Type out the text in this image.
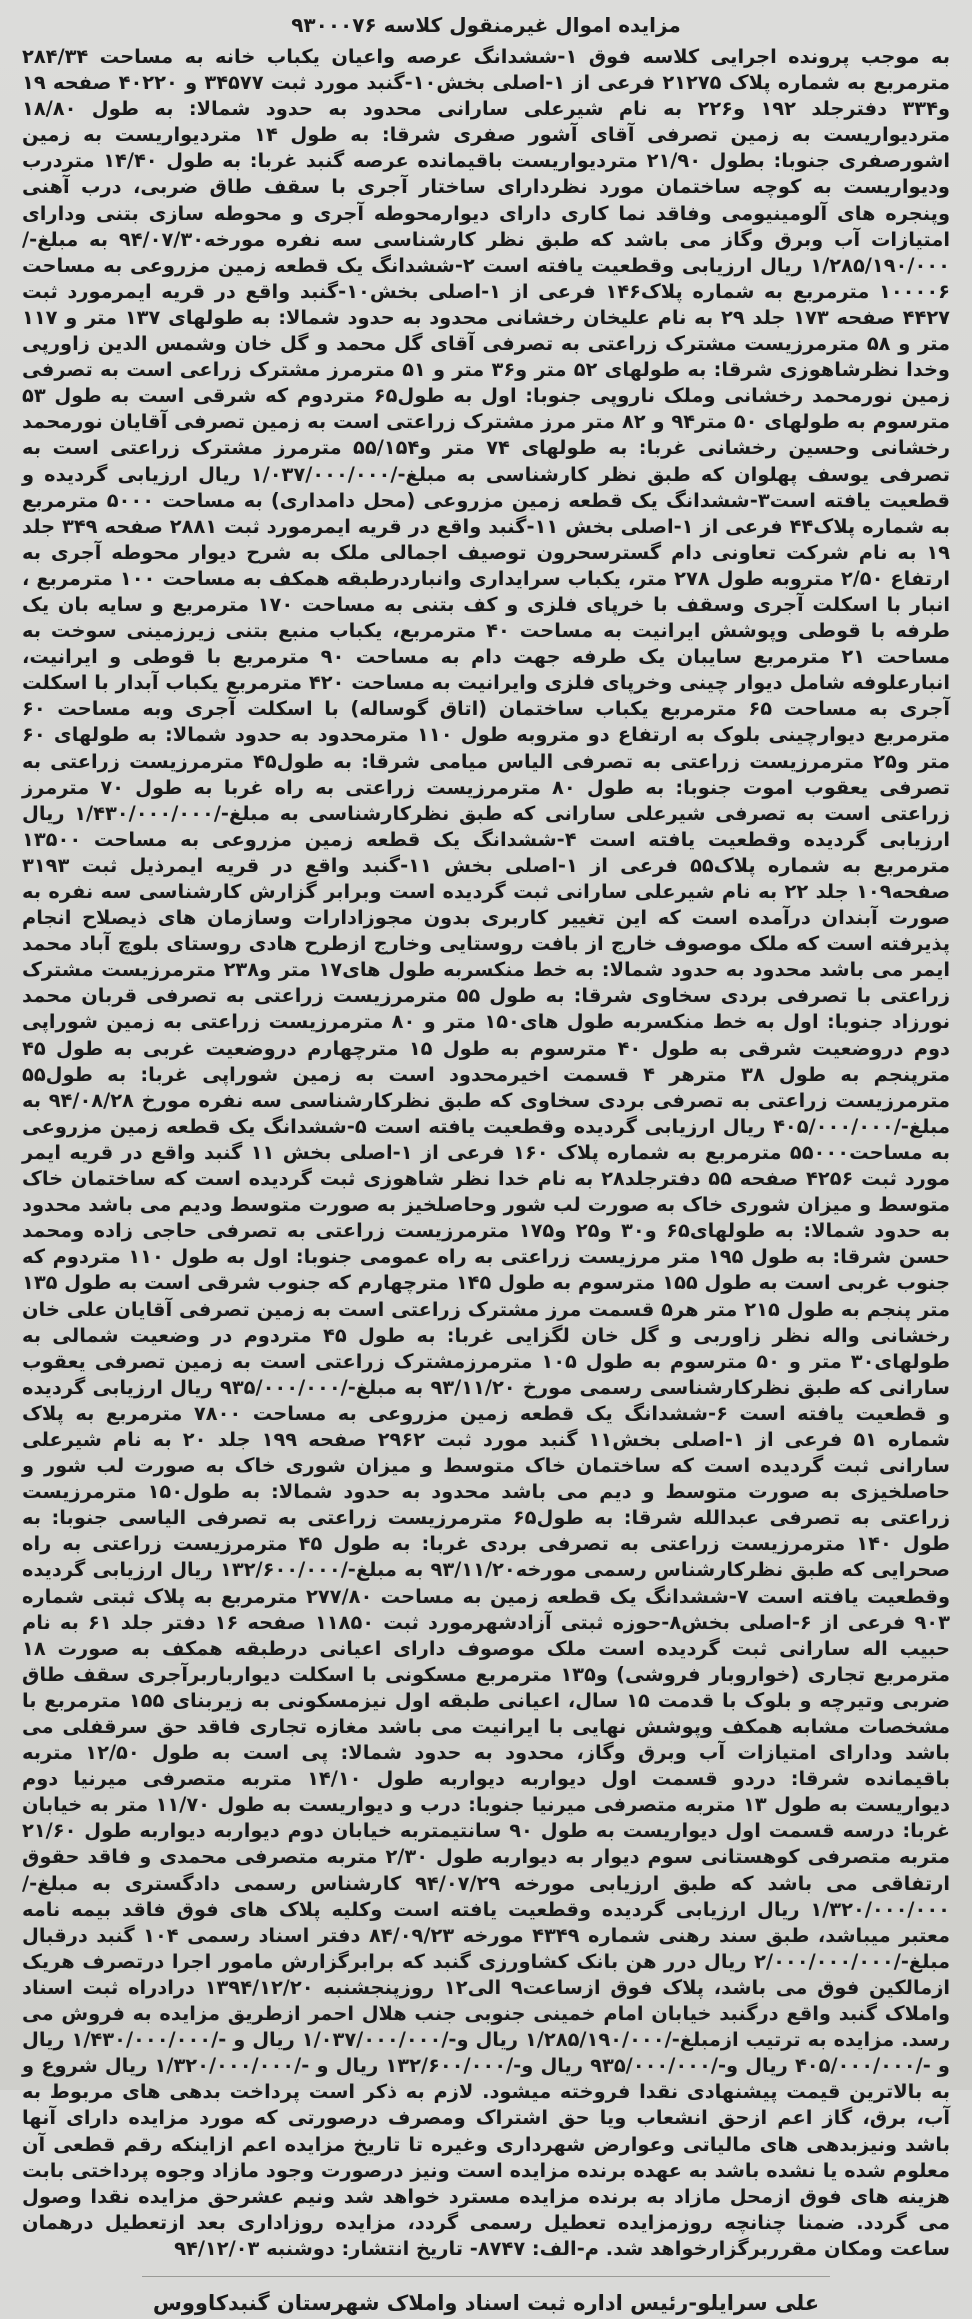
مزایده اموال غیرمنقول کلاسه ۹۳۰۰۰۷۶

به موجب پرونده اجرایی کلاسه فوق ۱-ششدانگ عرصه واعیان یکباب خانه به مساحت ۲۸۴/۳۴ مترمربع به شماره پلاک ۲۱۲۷۵ فرعی از ۱-اصلی بخش۱۰-گنبد مورد ثبت ۳۴۵۷۷ و ۴۰۲۲۰ صفحه ۱۹ و۳۳۴ دفترجلد ۱۹۲ و۲۲۶ به نام شیرعلی سارانی محدود به حدود شمالا: به طول ۱۸/۸۰ متردیواریست به زمین تصرفی آقای آشور صفری شرقا: به طول ۱۴ متردیواریست به زمین اشورصفری جنوبا: بطول ۲۱/۹۰ متردیواریست باقیمانده عرصه گنبد غربا: به طول ۱۴/۴۰ متردرب ودیواریست به کوچه ساختمان مورد نظردارای ساختار آجری با سقف طاق ضربی، درب آهنی وپنجره های آلومینیومی وفاقد نما کاری دارای دیوارمحوطه آجری و محوطه سازی بتنی ودارای امتیازات آب وبرق وگاز می باشد که طبق نظر کارشناسی سه نفره مورخه۹۴/۰۷/۳۰ به مبلغ-/۱/۲۸۵/۱۹۰/۰۰۰ ریال ارزیابی وقطعیت یافته است ۲-ششدانگ یک قطعه زمین مزروعی به مساحت ۱۰۰۰۰۶ مترمربع به شماره پلاک۱۴۶ فرعی از ۱-اصلی بخش۱۰-گنبد واقع در قریه ایمرمورد ثبت ۴۴۲۷ صفحه ۱۷۳ جلد ۲۹ به نام علیخان رخشانی محدود به حدود شمالا: به طولهای ۱۳۷ متر و ۱۱۷ متر و ۵۸ مترمرزیست مشترک زراعتی به تصرفی آقای گل محمد و گل خان وشمس الدین زاورپی وخدا نظرشاهوزی شرقا: به طولهای ۵۲ متر و۳۶ متر و ۵۱ مترمرز مشترک زراعی است به تصرفی زمین نورمحمد رخشانی وملک ناروپی جنوبا: اول به طول۶۵ متردوم که شرقی است به طول ۵۳ مترسوم به طولهای ۵۰ متر۹۴ و ۸۲ متر مرز مشترک زراعتی است به زمین تصرفی آقایان نورمحمد رخشانی وحسین رخشانی غربا: به طولهای ۷۴ متر و۵۵/۱۵۴ مترمرز مشترک زراعتی است به تصرفی یوسف پهلوان که طبق نظر کارشناسی به مبلغ-/۱/۰۳۷/۰۰۰/۰۰۰ ریال ارزیابی گردیده و قطعیت یافته است۳-ششدانگ یک قطعه زمین مزروعی (محل دامداری) به مساحت ۵۰۰۰ مترمربع به شماره پلاک۴۴ فرعی از ۱-اصلی بخش ۱۱-گنبد واقع در قریه ایمرمورد ثبت ۲۸۸۱ صفحه ۳۴۹ جلد ۱۹ به نام شرکت تعاونی دام گسترسحرون توصیف اجمالی ملک به شرح دیوار محوطه آجری به ارتفاع ۲/۵۰ متروبه طول ۲۷۸ متر، یکباب سرایداری وانباردرطبقه همکف به مساحت ۱۰۰ مترمربع ، انبار با اسکلت آجری وسقف با خرپای فلزی و کف بتنی به مساحت ۱۷۰ مترمربع و سایه بان یک طرفه با قوطی وپوشش ایرانیت به مساحت ۴۰ مترمربع، یکباب منبع بتنی زیرزمینی سوخت به مساحت ۲۱ مترمربع سایبان یک طرفه جهت دام به مساحت ۹۰ مترمربع با قوطی و ایرانیت، انبارعلوفه شامل دیوار چینی وخرپای فلزی وایرانیت به مساحت ۴۲۰ مترمربع یکباب آبدار با اسکلت آجری به مساحت ۶۵ مترمربع یکباب ساختمان (اتاق گوساله) با اسکلت آجری وبه مساحت ۶۰ مترمربع دیوارچینی بلوک به ارتفاع دو متروبه طول ۱۱۰ مترمحدود به حدود شمالا: به طولهای ۶۰ متر و۲۵ مترمرزیست زراعتی به تصرفی الیاس میامی شرقا: به طول۴۵ مترمرزیست زراعتی به تصرفی یعقوب اموت جنوبا: به طول ۸۰ مترمرزیست زراعتی به راه غربا به طول ۷۰ مترمرز زراعتی است به تصرفی شیرعلی سارانی که طبق نظرکارشناسی به مبلغ-/۱/۴۳۰/۰۰۰/۰۰۰ ریال ارزیابی گردیده وقطعیت یافته است ۴-ششدانگ یک قطعه زمین مزروعی به مساحت ۱۳۵۰۰ مترمربع به شماره پلاک۵۵ فرعی از ۱-اصلی بخش ۱۱-گنبد واقع در قریه ایمرذیل ثبت ۳۱۹۳ صفحه۱۰۹ جلد ۲۲ به نام شیرعلی سارانی ثبت گردیده است وبرابر گزارش کارشناسی سه نفره به صورت آبندان درآمده است که این تغییر کاربری بدون مجوزادارات وسازمان های ذیصلاح انجام پذیرفته است که ملک موصوف خارج از بافت روستایی وخارج ازطرح هادی روستای بلوچ آباد محمد ایمر می باشد محدود به حدود شمالا: به خط منکسربه طول های۱۷ متر و۲۳۸ مترمرزیست مشترک زراعتی با تصرفی بردی سخاوی شرقا: به طول ۵۵ مترمرزیست زراعتی به تصرفی قربان محمد نورزاد جنوبا: اول به خط منکسربه طول های۱۵۰ متر و ۸۰ مترمرزیست زراعتی به زمین شوراپی دوم دروضعیت شرقی به طول ۴۰ مترسوم به طول ۱۵ مترچهارم دروضعیت غربی به طول ۴۵ مترپنجم به طول ۳۸ مترهر ۴ قسمت اخیرمحدود است به زمین شوراپی غربا: به طول۵۵ مترمرزیست زراعتی به تصرفی بردی سخاوی که طبق نظرکارشناسی سه نفره مورخ ۹۴/۰۸/۲۸ به مبلغ-/۴۰۵/۰۰۰/۰۰۰ ریال ارزیابی گردیده وقطعیت یافته است ۵-ششدانگ یک قطعه زمین مزروعی به مساحت۵۵۰۰۰ مترمربع به شماره پلاک ۱۶۰ فرعی از ۱-اصلی بخش ۱۱ گنبد واقع در قریه ایمر مورد ثبت ۴۲۵۶ صفحه ۵۵ دفترجلد۲۸ به نام خدا نظر شاهوزی ثبت گردیده است که ساختمان خاک متوسط و میزان شوری خاک به صورت لب شور وحاصلخیز به صورت متوسط ودیم می باشد محدود به حدود شمالا: به طولهای۶۵ و۳۰ و۲۵ و۱۷۵ مترمرزیست زراعتی به تصرفی حاجی زاده ومحمد حسن شرقا: به طول ۱۹۵ متر مرزیست زراعتی به راه عمومی جنوبا: اول به طول ۱۱۰ متردوم که جنوب غربی است به طول ۱۵۵ مترسوم به طول ۱۴۵ مترچهارم که جنوب شرقی است به طول ۱۳۵ متر پنجم به طول ۲۱۵ متر هر۵ قسمت مرز مشترک زراعتی است به زمین تصرفی آقایان علی خان رخشانی واله نظر زاوربی و گل خان لگزایی غربا: به طول ۴۵ متردوم در وضعیت شمالی به طولهای۳۰ متر و ۵۰ مترسوم به طول ۱۰۵ مترمرزمشترک زراعتی است به زمین تصرفی یعقوب سارانی که طبق نظرکارشناسی رسمی مورخ ۹۳/۱۱/۲۰ به مبلغ-/۹۳۵/۰۰۰/۰۰۰ ریال ارزیابی گردیده و قطعیت یافته است ۶-ششدانگ یک قطعه زمین مزروعی به مساحت ۷۸۰۰ مترمربع به پلاک شماره ۵۱ فرعی از ۱-اصلی بخش۱۱ گنبد مورد ثبت ۲۹۶۲ صفحه ۱۹۹ جلد ۲۰ به نام شیرعلی سارانی ثبت گردیده است که ساختمان خاک متوسط و میزان شوری خاک به صورت لب شور و حاصلخیزی به صورت متوسط و دیم می باشد محدود به حدود شمالا: به طول۱۵۰ مترمرزیست زراعتی به تصرفی عبدالله شرقا: به طول۶۵ مترمرزیست زراعتی به تصرفی الیاسی جنوبا: به طول ۱۴۰ مترمرزیست زراعتی به تصرفی بردی غربا: به طول ۴۵ مترمرزیست زراعتی به راه صحرایی که طبق نظرکارشناس رسمی مورخه۹۳/۱۱/۲۰ به مبلغ-/۱۳۲/۶۰۰/۰۰۰ ریال ارزیابی گردیده وقطعیت یافته است ۷-ششدانگ یک قطعه زمین به مساحت ۲۷۷/۸۰ مترمربع به پلاک ثبتی شماره ۹۰۳ فرعی از ۶-اصلی بخش۸-حوزه ثبتی آزادشهرمورد ثبت ۱۱۸۵۰ صفحه ۱۶ دفتر جلد ۶۱ به نام حبیب اله سارانی ثبت گردیده است ملک موصوف دارای اعیانی درطبقه همکف به صورت ۱۸ مترمربع تجاری (خواروبار فروشی) و۱۳۵ مترمربع مسکونی با اسکلت دیوارباربرآجری سقف طاق ضربی وتیرچه و بلوک با قدمت ۱۵ سال، اعیانی طبقه اول نیزمسکونی به زیربنای ۱۵۵ مترمربع با مشخصات مشابه همکف وپوشش نهایی با ایرانیت می باشد مغازه تجاری فاقد حق سرقفلی می باشد ودارای امتیازات آب وبرق وگاز، محدود به حدود شمالا: پی است به طول ۱۲/۵۰ متربه باقیمانده شرقا: دردو قسمت اول دیواربه دیواربه طول ۱۴/۱۰ متربه متصرفی میرنیا دوم دیواریست به طول ۱۳ متربه متصرفی میرنیا جنوبا: درب و دیواریست به طول ۱۱/۷۰ متر به خیابان غربا: درسه قسمت اول دیواریست به طول ۹۰ سانتیمتربه خیابان دوم دیواربه دیواربه طول ۲۱/۶۰ متربه متصرفی کوهستانی سوم دیوار به دیواربه طول ۲/۳۰ متربه متصرفی محمدی و فاقد حقوق ارتفاقی می باشد که طبق ارزیابی مورخه ۹۴/۰۷/۲۹ کارشناس رسمی دادگستری به مبلغ-/۱/۳۲۰/۰۰۰/۰۰۰ ریال ارزیابی گردیده وقطعیت یافته است وکلیه پلاک های فوق فاقد بیمه نامه معتبر میباشد، طبق سند رهنی شماره ۴۳۴۹ مورخه ۸۴/۰۹/۲۳ دفتر اسناد رسمی ۱۰۴ گنبد درقبال مبلغ-/۲/۰۰۰/۰۰۰/۰۰۰ ریال درر هن بانک کشاورزی گنبد که برابرگزارش مامور اجرا درتصرف هریک ازمالکین فوق می باشد، پلاک فوق ازساعت۹ الی۱۲ روزپنجشنبه ۱۳۹۴/۱۲/۲۰ درادراه ثبت اسناد واملاک گنبد واقع درگنبد خیابان امام خمینی جنوبی جنب هلال احمر ازطریق مزایده به فروش می رسد. مزایده به ترتیب ازمبلغ-/۱/۲۸۵/۱۹۰/۰۰۰ ریال و-/۱/۰۳۷/۰۰۰/۰۰۰ ریال و -/۱/۴۳۰/۰۰۰/۰۰۰ ریال و -/۴۰۵/۰۰۰/۰۰۰ ریال و-/۹۳۵/۰۰۰/۰۰۰ ریال و-/۱۳۲/۶۰۰/۰۰۰ ریال و -/۱/۳۲۰/۰۰۰/۰۰۰ ریال شروع و به بالاترین قیمت پیشنهادی نقدا فروخته میشود. لازم به ذکر است پرداخت بدهی های مربوط به آب، برق، گاز اعم ازحق انشعاب ویا حق اشتراک ومصرف درصورتی که مورد مزایده دارای آنها باشد ونیزبدهی های مالیاتی وعوارض شهرداری وغیره تا تاریخ مزایده اعم ازاینکه رقم قطعی آن معلوم شده یا نشده باشد به عهده برنده مزایده است ونیز درصورت وجود مازاد وجوه پرداختی بابت هزینه های فوق ازمحل مازاد به برنده مزایده مسترد خواهد شد ونیم عشرحق مزایده نقدا وصول می گردد. ضمنا چنانچه روزمزایده تعطیل رسمی گردد، مزایده روزاداری بعد ازتعطیل درهمان ساعت ومکان مقرربرگزارخواهد شد. م-الف: ۸۷۴۷- تاریخ انتشار: دوشنبه ۹۴/۱۲/۰۳

علی سرایلو-رئیس اداره ثبت اسناد واملاک شهرستان گنبدکاووس
